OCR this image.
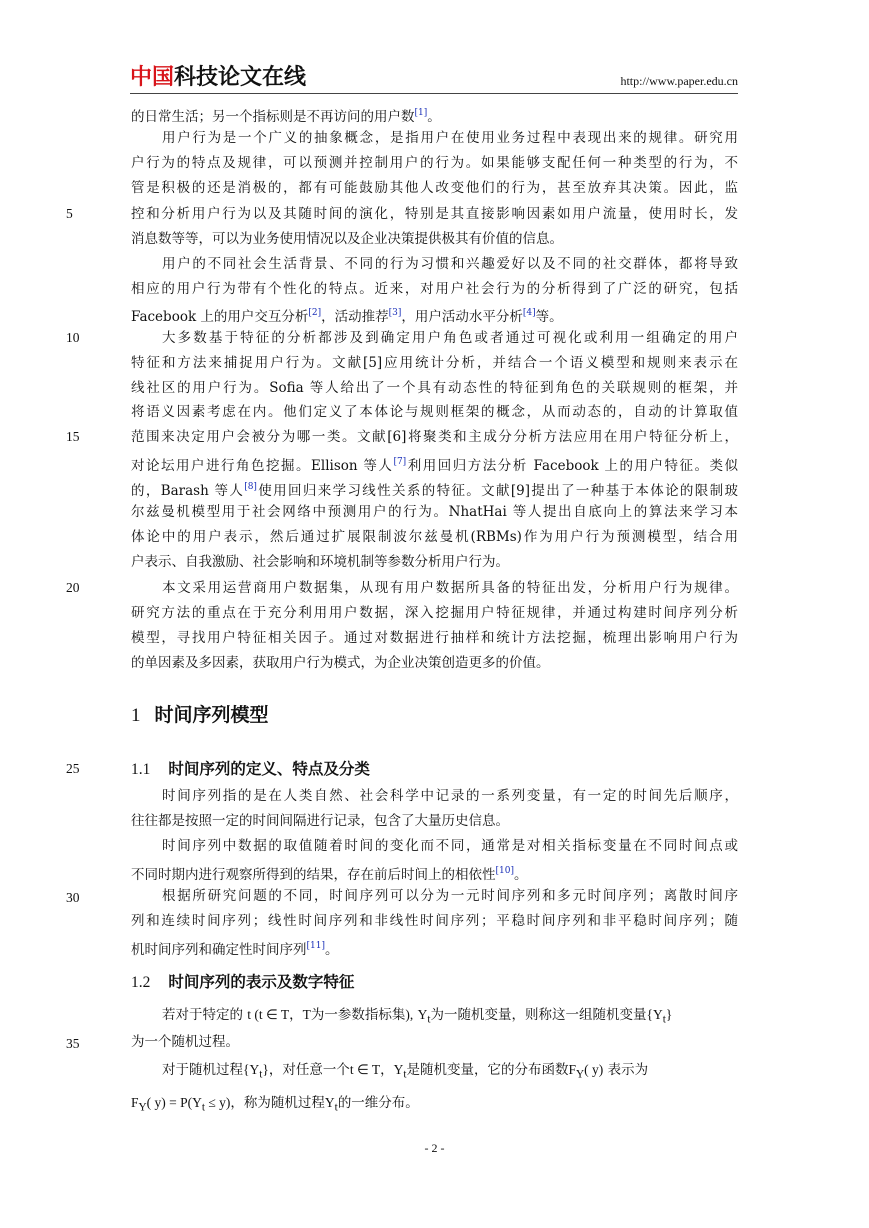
中国科技论文在线	http://www.paper.edu.cn
5
10
15
20
25
30
35
的日常生活；另一个指标则是不再访问的用户数[1]。
用户行为是一个广义的抽象概念，是指用户在使用业务过程中表现出来的规律。研究用
户行为的特点及规律，可以预测并控制用户的行为。如果能够支配任何一种类型的行为，不
管是积极的还是消极的，都有可能鼓励其他人改变他们的行为，甚至放弃其决策。因此，监
控和分析用户行为以及其随时间的演化，特别是其直接影响因素如用户流量，使用时长，发
消息数等等，可以为业务使用情况以及企业决策提供极其有价值的信息。
用户的不同社会生活背景、不同的行为习惯和兴趣爱好以及不同的社交群体，都将导致
相应的用户行为带有个性化的特点。近来，对用户社会行为的分析得到了广泛的研究，包括
Facebook 上的用户交互分析[2]，活动推荐[3]，用户活动水平分析[4]等。
大多数基于特征的分析都涉及到确定用户角色或者通过可视化或利用一组确定的用户
特征和方法来捕捉用户行为。文献[5]应用统计分析，并结合一个语义模型和规则来表示在
线社区的用户行为。Sofia 等人给出了一个具有动态性的特征到角色的关联规则的框架，并
将语义因素考虑在内。他们定义了本体论与规则框架的概念，从而动态的，自动的计算取值
范围来决定用户会被分为哪一类。文献[6]将聚类和主成分分析方法应用在用户特征分析上，
对论坛用户进行角色挖掘。Ellison 等人[7]利用回归方法分析 Facebook 上的用户特征。类似
的，Barash 等人[8]使用回归来学习线性关系的特征。文献[9]提出了一种基于本体论的限制玻
尔兹曼机模型用于社会网络中预测用户的行为。NhatHai 等人提出自底向上的算法来学习本
体论中的用户表示，然后通过扩展限制波尔兹曼机(RBMs)作为用户行为预测模型，结合用
户表示、自我激励、社会影响和环境机制等参数分析用户行为。
本文采用运营商用户数据集，从现有用户数据所具备的特征出发，分析用户行为规律。
研究方法的重点在于充分利用用户数据，深入挖掘用户特征规律，并通过构建时间序列分析
模型，寻找用户特征相关因子。通过对数据进行抽样和统计方法挖掘，梳理出影响用户行为
的单因素及多因素，获取用户行为模式，为企业决策创造更多的价值。
1 时间序列模型
1.1 时间序列的定义、特点及分类
时间序列指的是在人类自然、社会科学中记录的一系列变量，有一定的时间先后顺序，
往往都是按照一定的时间间隔进行记录，包含了大量历史信息。
时间序列中数据的取值随着时间的变化而不同，通常是对相关指标变量在不同时间点或
不同时期内进行观察所得到的结果，存在前后时间上的相依性[10]。
根据所研究问题的不同，时间序列可以分为一元时间序列和多元时间序列；离散时间序
列和连续时间序列；线性时间序列和非线性时间序列；平稳时间序列和非平稳时间序列；随
机时间序列和确定性时间序列[11]。
1.2 时间序列的表示及数字特征
若对于特定的 t (t ∈ T，T为一参数指标集), $Y_t$为一随机变量，则称这一组随机变量$\{Y_t\}$
为一个随机过程。
对于随机过程$\{Y_t\}$，对任意一个t ∈ T，$Y_t$是随机变量，它的分布函数$F_Y$( y) 表示为
$F_Y$( $y) = P(Y_t \le y)$，称为随机过程$Y_t$的一维分布。
- 2 -
